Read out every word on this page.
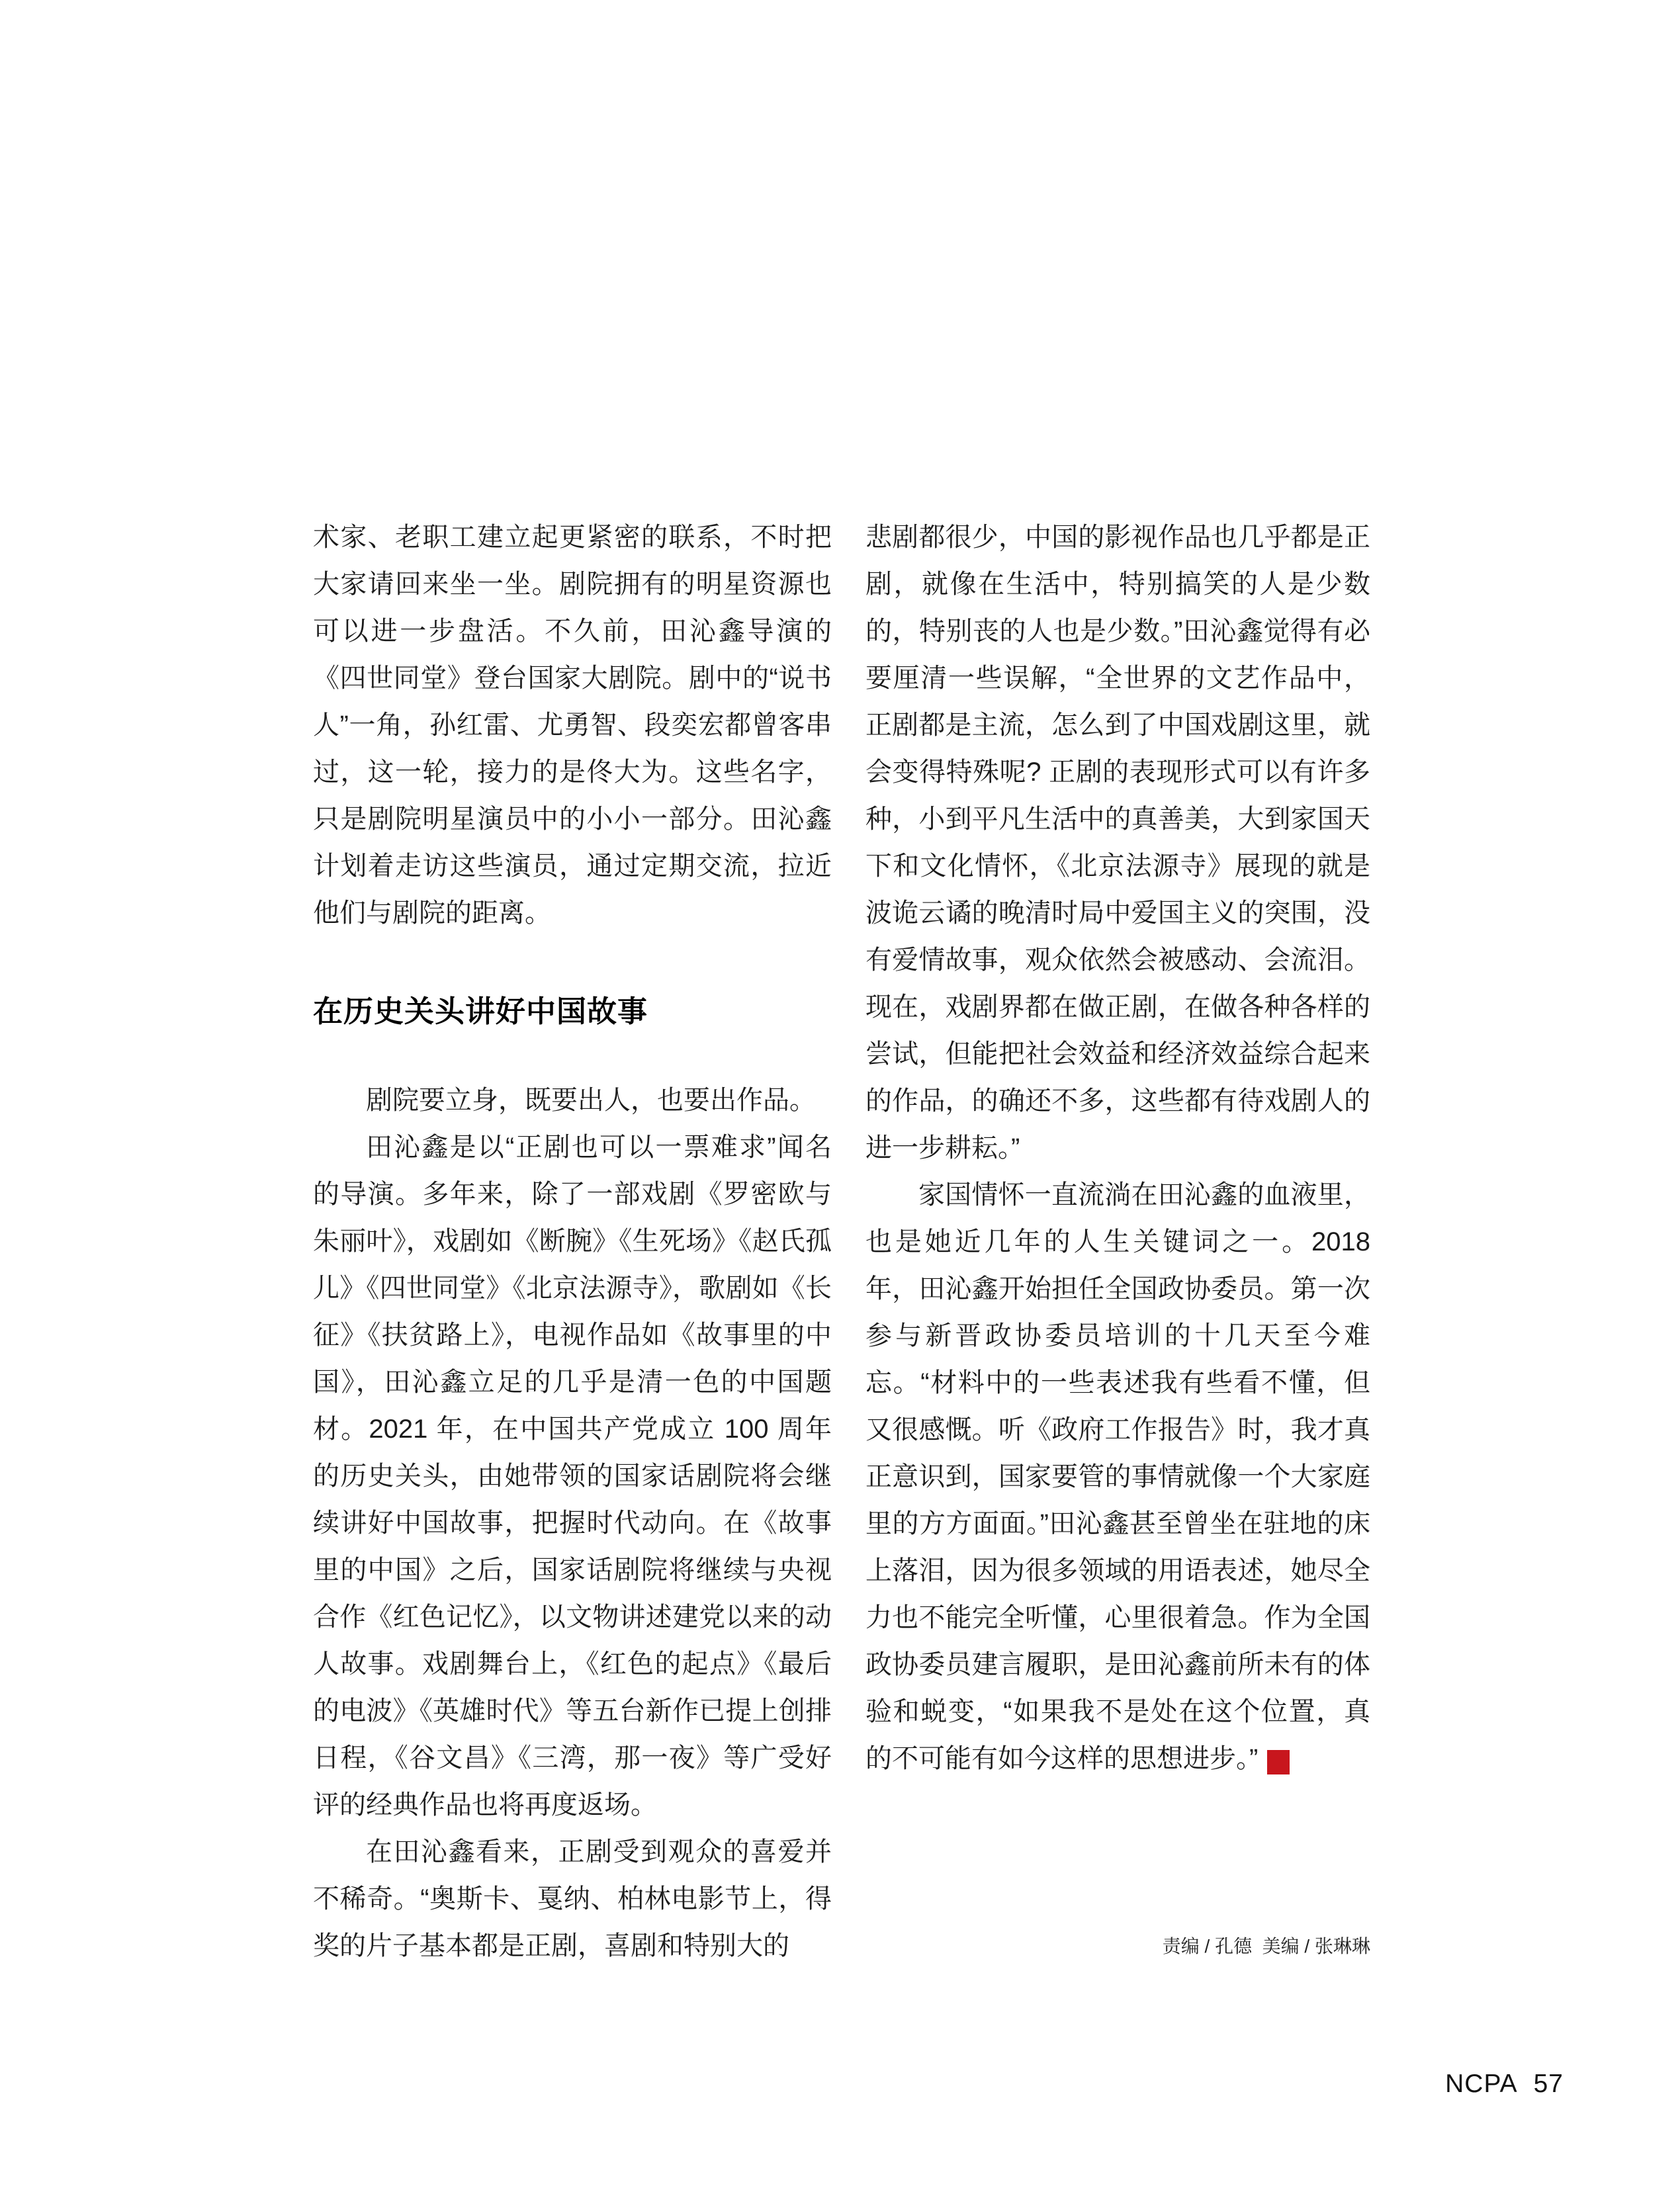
术家、老职工建立起更紧密的联系，不时把大家请回来坐一坐。剧院拥有的明星资源也可以进一步盘活。不久前，田沁鑫导演的《四世同堂》登台国家大剧院。剧中的“说书人”一角，孙红雷、尤勇智、段奕宏都曾客串过，这一轮，接力的是佟大为。这些名字，只是剧院明星演员中的小小一部分。田沁鑫计划着走访这些演员，通过定期交流，拉近他们与剧院的距离。

在历史关头讲好中国故事

剧院要立身，既要出人，也要出作品。

田沁鑫是以“正剧也可以一票难求”闻名的导演。多年来，除了一部戏剧《罗密欧与朱丽叶》，戏剧如《断腕》《生死场》《赵氏孤儿》《四世同堂》《北京法源寺》，歌剧如《长征》《扶贫路上》，电视作品如《故事里的中国》，田沁鑫立足的几乎是清一色的中国题材。2021 年，在中国共产党成立 100 周年的历史关头，由她带领的国家话剧院将会继续讲好中国故事，把握时代动向。在《故事里的中国》之后，国家话剧院将继续与央视合作《红色记忆》，以文物讲述建党以来的动人故事。戏剧舞台上，《红色的起点》《最后的电波》《英雄时代》等五台新作已提上创排日程，《谷文昌》《三湾，那一夜》等广受好评的经典作品也将再度返场。

在田沁鑫看来，正剧受到观众的喜爱并不稀奇。“奥斯卡、戛纳、柏林电影节上，得奖的片子基本都是正剧，喜剧和特别大的

悲剧都很少，中国的影视作品也几乎都是正剧，就像在生活中，特别搞笑的人是少数的，特别丧的人也是少数。”田沁鑫觉得有必要厘清一些误解，“全世界的文艺作品中，正剧都是主流，怎么到了中国戏剧这里，就会变得特殊呢? 正剧的表现形式可以有许多种，小到平凡生活中的真善美，大到家国天下和文化情怀，《北京法源寺》展现的就是波诡云谲的晚清时局中爱国主义的突围，没有爱情故事，观众依然会被感动、会流泪。现在，戏剧界都在做正剧，在做各种各样的尝试，但能把社会效益和经济效益综合起来的作品，的确还不多，这些都有待戏剧人的进一步耕耘。”

家国情怀一直流淌在田沁鑫的血液里，也是她近几年的人生关键词之一。2018 年，田沁鑫开始担任全国政协委员。第一次参与新晋政协委员培训的十几天至今难忘。“材料中的一些表述我有些看不懂，但又很感慨。听《政府工作报告》时，我才真正意识到，国家要管的事情就像一个大家庭里的方方面面。”田沁鑫甚至曾坐在驻地的床上落泪，因为很多领域的用语表述，她尽全力也不能完全听懂，心里很着急。作为全国政协委员建言履职，是田沁鑫前所未有的体验和蜕变，“如果我不是处在这个位置，真的不可能有如今这样的思想进步。” $\frac{NC}{PA}$

责编 / 孔德  美编 / 张琳琳
NCPA 57
